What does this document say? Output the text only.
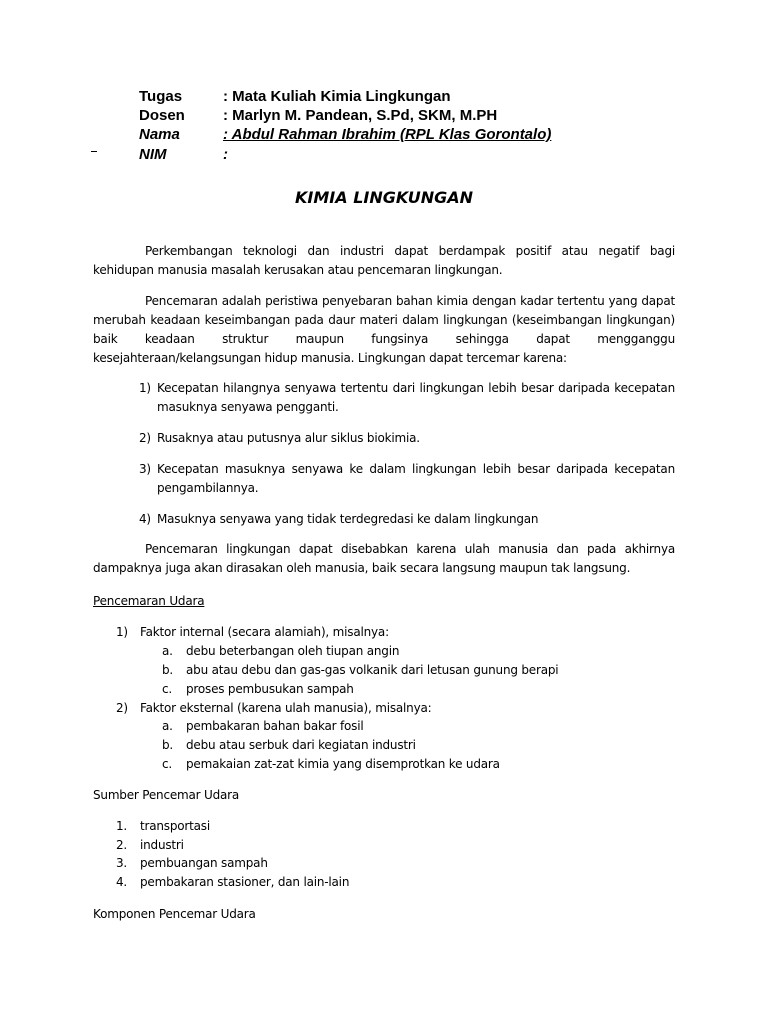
Tugas	: Mata Kuliah Kimia Lingkungan
Dosen	: Marlyn M. Pandean, S.Pd, SKM, M.PH
Nama	: Abdul Rahman Ibrahim (RPL Klas Gorontalo)
NIM	:
KIMIA LINGKUNGAN
Perkembangan teknologi dan industri dapat berdampak positif atau negatif bagi kehidupan manusia masalah kerusakan atau pencemaran lingkungan.
Pencemaran adalah peristiwa penyebaran bahan kimia dengan kadar tertentu yang dapat merubah keadaan keseimbangan pada daur materi dalam lingkungan (keseimbangan lingkungan) baik keadaan struktur maupun fungsinya sehingga dapat mengganggu kesejahteraan/kelangsungan hidup manusia. Lingkungan dapat tercemar karena:
1) Kecepatan hilangnya senyawa tertentu dari lingkungan lebih besar daripada kecepatan masuknya senyawa pengganti.
2) Rusaknya atau putusnya alur siklus biokimia.
3) Kecepatan masuknya senyawa ke dalam lingkungan lebih besar daripada kecepatan pengambilannya.
4) Masuknya senyawa yang tidak terdegredasi ke dalam lingkungan
Pencemaran lingkungan dapat disebabkan karena ulah manusia dan pada akhirnya dampaknya juga akan dirasakan oleh manusia, baik secara langsung maupun tak langsung.
Pencemaran Udara
1) Faktor internal (secara alamiah), misalnya:
a. debu beterbangan oleh tiupan angin
b. abu atau debu dan gas-gas volkanik dari letusan gunung berapi
c. proses pembusukan sampah
2) Faktor eksternal (karena ulah manusia), misalnya:
a. pembakaran bahan bakar fosil
b. debu atau serbuk dari kegiatan industri
c. pemakaian zat-zat kimia yang disemprotkan ke udara
Sumber Pencemar Udara
1. transportasi
2. industri
3. pembuangan sampah
4. pembakaran stasioner, dan lain-lain
Komponen Pencemar Udara
